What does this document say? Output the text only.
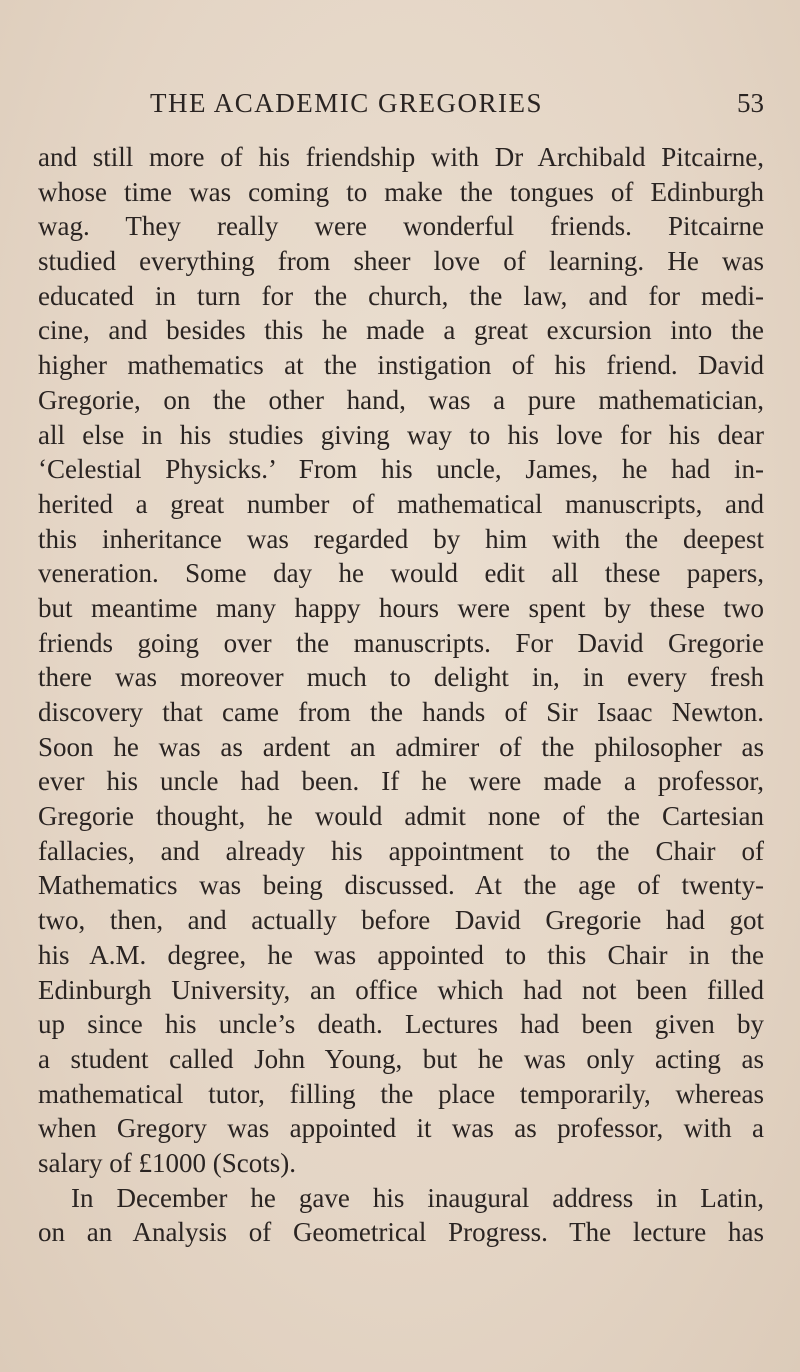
THE ACADEMIC GREGORIES	53
and still more of his friendship with Dr Archibald Pitcairne,
whose time was coming to make the tongues of Edinburgh
wag. They really were wonderful friends. Pitcairne
studied everything from sheer love of learning. He was
educated in turn for the church, the law, and for medi-
cine, and besides this he made a great excursion into the
higher mathematics at the instigation of his friend. David
Gregorie, on the other hand, was a pure mathematician,
all else in his studies giving way to his love for his dear
‘Celestial Physicks.’ From his uncle, James, he had in-
herited a great number of mathematical manuscripts, and
this inheritance was regarded by him with the deepest
veneration. Some day he would edit all these papers,
but meantime many happy hours were spent by these two
friends going over the manuscripts. For David Gregorie
there was moreover much to delight in, in every fresh
discovery that came from the hands of Sir Isaac Newton.
Soon he was as ardent an admirer of the philosopher as
ever his uncle had been. If he were made a professor,
Gregorie thought, he would admit none of the Cartesian
fallacies, and already his appointment to the Chair of
Mathematics was being discussed. At the age of twenty-
two, then, and actually before David Gregorie had got
his A.M. degree, he was appointed to this Chair in the
Edinburgh University, an office which had not been filled
up since his uncle’s death. Lectures had been given by
a student called John Young, but he was only acting as
mathematical tutor, filling the place temporarily, whereas
when Gregory was appointed it was as professor, with a
salary of £1000 (Scots).
In December he gave his inaugural address in Latin,
on an Analysis of Geometrical Progress. The lecture has
